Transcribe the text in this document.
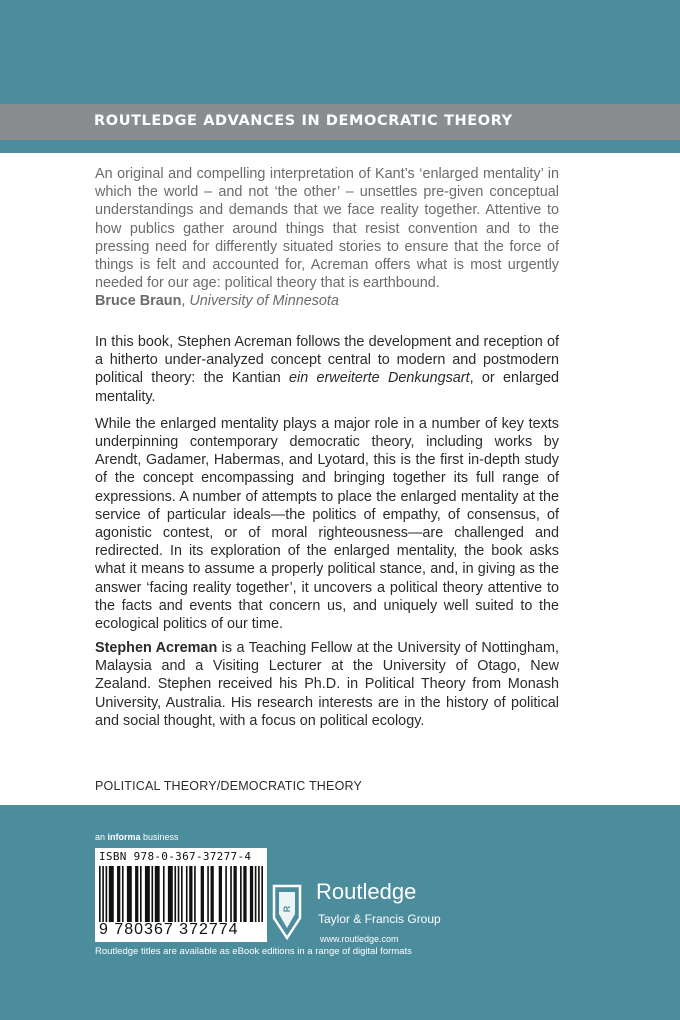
ROUTLEDGE ADVANCES IN DEMOCRATIC THEORY
An original and compelling interpretation of Kant’s ‘enlarged mentality’ in which the world – and not ‘the other’ – unsettles pre-given conceptual understandings and demands that we face reality together. Attentive to how publics gather around things that resist convention and to the pressing need for differently situated stories to ensure that the force of things is felt and accounted for, Acreman offers what is most urgently needed for our age: political theory that is earthbound.
Bruce Braun, University of Minnesota

In this book, Stephen Acreman follows the development and reception of a hitherto under-analyzed concept central to modern and postmodern political theory: the Kantian ein erweiterte Denkungsart, or enlarged mentality.

While the enlarged mentality plays a major role in a number of key texts underpinning contemporary democratic theory, including works by Arendt, Gadamer, Habermas, and Lyotard, this is the first in-depth study of the concept encompassing and bringing together its full range of expressions. A number of attempts to place the enlarged mentality at the service of particular ideals—the politics of empathy, of consensus, of agonistic contest, or of moral righteousness—are challenged and redirected. In its exploration of the enlarged mentality, the book asks what it means to assume a properly political stance, and, in giving as the answer ‘facing reality together’, it uncovers a political theory attentive to the facts and events that concern us, and uniquely well suited to the ecological politics of our time.

Stephen Acreman is a Teaching Fellow at the University of Nottingham, Malaysia and a Visiting Lecturer at the University of Otago, New Zealand. Stephen received his Ph.D. in Political Theory from Monash University, Australia. His research interests are in the history of political and social thought, with a focus on political ecology.
POLITICAL THEORY/DEMOCRATIC THEORY
an informa business
ISBN 978-0-367-37277-4
9 780367 372774
R
Routledge
Taylor & Francis Group
www.routledge.com
Routledge titles are available as eBook editions in a range of digital formats
